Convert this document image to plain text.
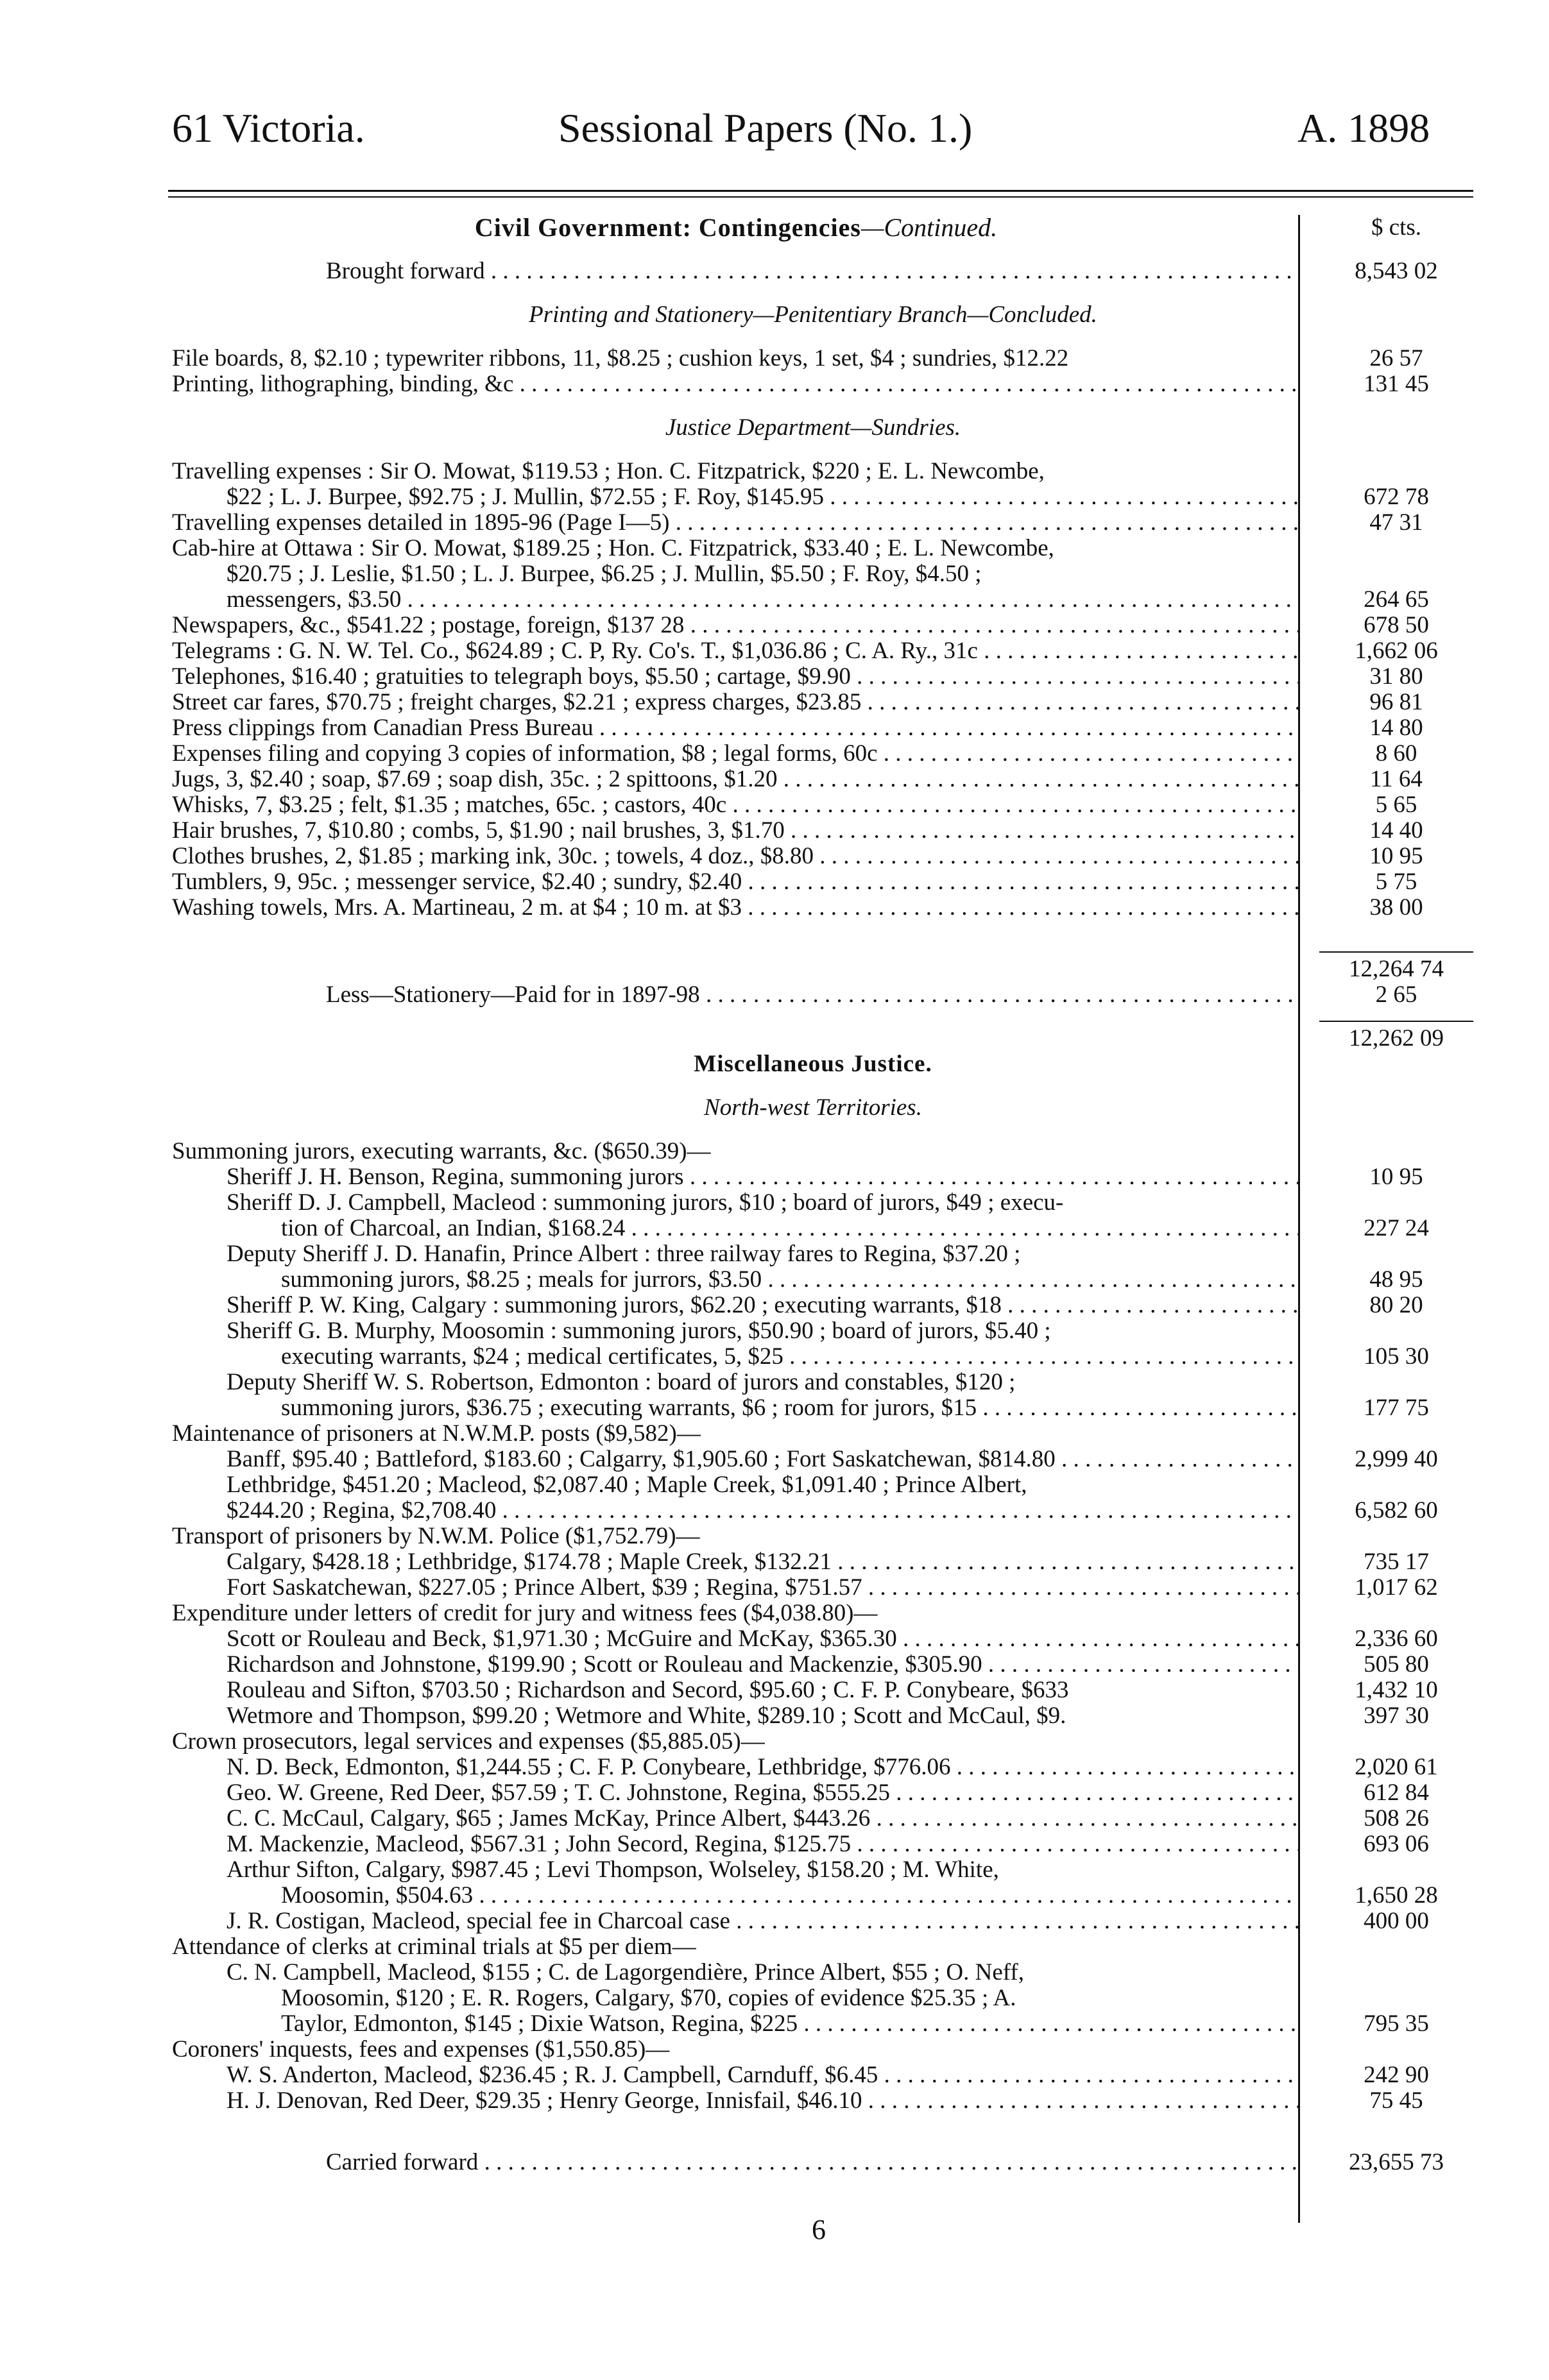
61 Victoria.	Sessional Papers (No. 1.)	A. 1898
Civil Government: Contingencies—Continued.	$ cts.
Brought forward . . .	8,543 02
Printing and Stationery—Penitentiary Branch—Concluded.
File boards, 8, $2.10 ; typewriter ribbons, 11, $8.25 ; cushion keys, 1 set, $4 ; sundries, $12.22	26 57
Printing, lithographing, binding, &c . . .	131 45
Justice Department—Sundries.
Travelling expenses : Sir O. Mowat, $119.53 ; Hon. C. Fitzpatrick, $220 ; E. L. Newcombe,
$22 ; L. J. Burpee, $92.75 ; J. Mullin, $72.55 ; F. Roy, $145.95 . . .	672 78
Travelling expenses detailed in 1895-96 (Page I—5) . . .	47 31
Cab-hire at Ottawa : Sir O. Mowat, $189.25 ; Hon. C. Fitzpatrick, $33.40 ; E. L. Newcombe,
$20.75 ; J. Leslie, $1.50 ; L. J. Burpee, $6.25 ; J. Mullin, $5.50 ; F. Roy, $4.50 ;
messengers, $3.50 . . .	264 65
Newspapers, &c., $541.22 ; postage, foreign, $137 28 . . .	678 50
Telegrams : G. N. W. Tel. Co., $624.89 ; C. P, Ry. Co's. T., $1,036.86 ; C. A. Ry., 31c . . .	1,662 06
Telephones, $16.40 ; gratuities to telegraph boys, $5.50 ; cartage, $9.90 . . .	31 80
Street car fares, $70.75 ; freight charges, $2.21 ; express charges, $23.85 . . .	96 81
Press clippings from Canadian Press Bureau . . .	14 80
Expenses filing and copying 3 copies of information, $8 ; legal forms, 60c . . .	8 60
Jugs, 3, $2.40 ; soap, $7.69 ; soap dish, 35c. ; 2 spittoons, $1.20 . . .	11 64
Whisks, 7, $3.25 ; felt, $1.35 ; matches, 65c. ; castors, 40c . . .	5 65
Hair brushes, 7, $10.80 ; combs, 5, $1.90 ; nail brushes, 3, $1.70 . . .	14 40
Clothes brushes, 2, $1.85 ; marking ink, 30c. ; towels, 4 doz., $8.80 . . .	10 95
Tumblers, 9, 95c. ; messenger service, $2.40 ; sundry, $2.40 . . .	5 75
Washing towels, Mrs. A. Martineau, 2 m. at $4 ; 10 m. at $3 . . .	38 00
12,264 74
Less—Stationery—Paid for in 1897-98 . . .	2 65
12,262 09
Miscellaneous Justice.
North-west Territories.
Summoning jurors, executing warrants, &c. ($650.39)—
Sheriff J. H. Benson, Regina, summoning jurors . . .	10 95
Sheriff D. J. Campbell, Macleod : summoning jurors, $10 ; board of jurors, $49 ; execu-
tion of Charcoal, an Indian, $168.24 . . .	227 24
Deputy Sheriff J. D. Hanafin, Prince Albert : three railway fares to Regina, $37.20 ;
summoning jurors, $8.25 ; meals for jurrors, $3.50 . . .	48 95
Sheriff P. W. King, Calgary : summoning jurors, $62.20 ; executing warrants, $18 . . .	80 20
Sheriff G. B. Murphy, Moosomin : summoning jurors, $50.90 ; board of jurors, $5.40 ;
executing warrants, $24 ; medical certificates, 5, $25 . . .	105 30
Deputy Sheriff W. S. Robertson, Edmonton : board of jurors and constables, $120 ;
summoning jurors, $36.75 ; executing warrants, $6 ; room for jurors, $15 . . .	177 75
Maintenance of prisoners at N.W.M.P. posts ($9,582)—
Banff, $95.40 ; Battleford, $183.60 ; Calgarry, $1,905.60 ; Fort Saskatchewan, $814.80 . . .	2,999 40
Lethbridge, $451.20 ; Macleod, $2,087.40 ; Maple Creek, $1,091.40 ; Prince Albert,
$244.20 ; Regina, $2,708.40 . . .	6,582 60
Transport of prisoners by N.W.M. Police ($1,752.79)—
Calgary, $428.18 ; Lethbridge, $174.78 ; Maple Creek, $132.21 . . .	735 17
Fort Saskatchewan, $227.05 ; Prince Albert, $39 ; Regina, $751.57 . . .	1,017 62
Expenditure under letters of credit for jury and witness fees ($4,038.80)—
Scott or Rouleau and Beck, $1,971.30 ; McGuire and McKay, $365.30 . . .	2,336 60
Richardson and Johnstone, $199.90 ; Scott or Rouleau and Mackenzie, $305.90 . . .	505 80
Rouleau and Sifton, $703.50 ; Richardson and Secord, $95.60 ; C. F. P. Conybeare, $633	1,432 10
Wetmore and Thompson, $99.20 ; Wetmore and White, $289.10 ; Scott and McCaul, $9.	397 30
Crown prosecutors, legal services and expenses ($5,885.05)—
N. D. Beck, Edmonton, $1,244.55 ; C. F. P. Conybeare, Lethbridge, $776.06 . . .	2,020 61
Geo. W. Greene, Red Deer, $57.59 ; T. C. Johnstone, Regina, $555.25 . . .	612 84
C. C. McCaul, Calgary, $65 ; James McKay, Prince Albert, $443.26 . . .	508 26
M. Mackenzie, Macleod, $567.31 ; John Secord, Regina, $125.75 . . .	693 06
Arthur Sifton, Calgary, $987.45 ; Levi Thompson, Wolseley, $158.20 ; M. White,
Moosomin, $504.63 . . .	1,650 28
J. R. Costigan, Macleod, special fee in Charcoal case . . .	400 00
Attendance of clerks at criminal trials at $5 per diem—
C. N. Campbell, Macleod, $155 ; C. de Lagorgendière, Prince Albert, $55 ; O. Neff,
Moosomin, $120 ; E. R. Rogers, Calgary, $70, copies of evidence $25.35 ; A.
Taylor, Edmonton, $145 ; Dixie Watson, Regina, $225 . . .	795 35
Coroners' inquests, fees and expenses ($1,550.85)—
W. S. Anderton, Macleod, $236.45 ; R. J. Campbell, Carnduff, $6.45 . . .	242 90
H. J. Denovan, Red Deer, $29.35 ; Henry George, Innisfail, $46.10 . . .	75 45
Carried forward . . .	23,655 73
6
